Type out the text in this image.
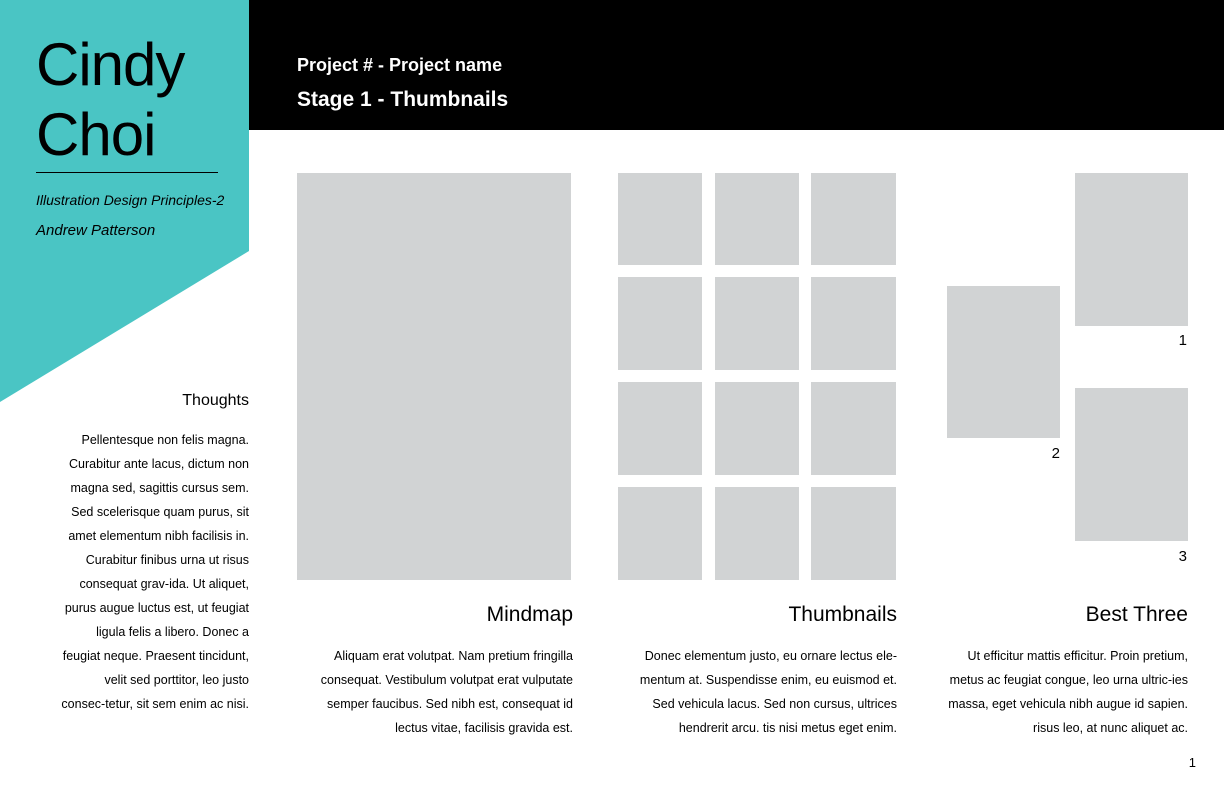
Cindy Choi
Illustration Design Principles-2
Andrew Patterson
Project # - Project name
Stage 1 - Thumbnails
Thoughts
Pellentesque non felis magna. Curabitur ante lacus, dictum non magna sed, sagittis cursus sem. Sed scelerisque quam purus, sit amet elementum nibh facilisis in. Curabitur finibus urna ut risus consequat grav-ida. Ut aliquet, purus augue luctus est, ut feugiat ligula felis a libero. Donec a feugiat neque. Praesent tincidunt, velit sed porttitor, leo justo consec-tetur, sit sem enim ac nisi.
Mindmap
Aliquam erat volutpat. Nam pretium fringilla consequat. Vestibulum volutpat erat vulputate semper faucibus. Sed nibh est, consequat id lectus vitae, facilisis gravida est.
Thumbnails
Donec elementum justo, eu ornare lectus ele-mentum at. Suspendisse enim, eu euismod et. Sed vehicula lacus. Sed non cursus, ultrices hendrerit arcu. tis nisi metus eget enim.
1
2
3
Best Three
Ut efficitur mattis efficitur. Proin pretium, metus ac feugiat congue, leo urna ultric-ies massa, eget vehicula nibh augue id sapien. risus leo, at nunc aliquet ac.
1
